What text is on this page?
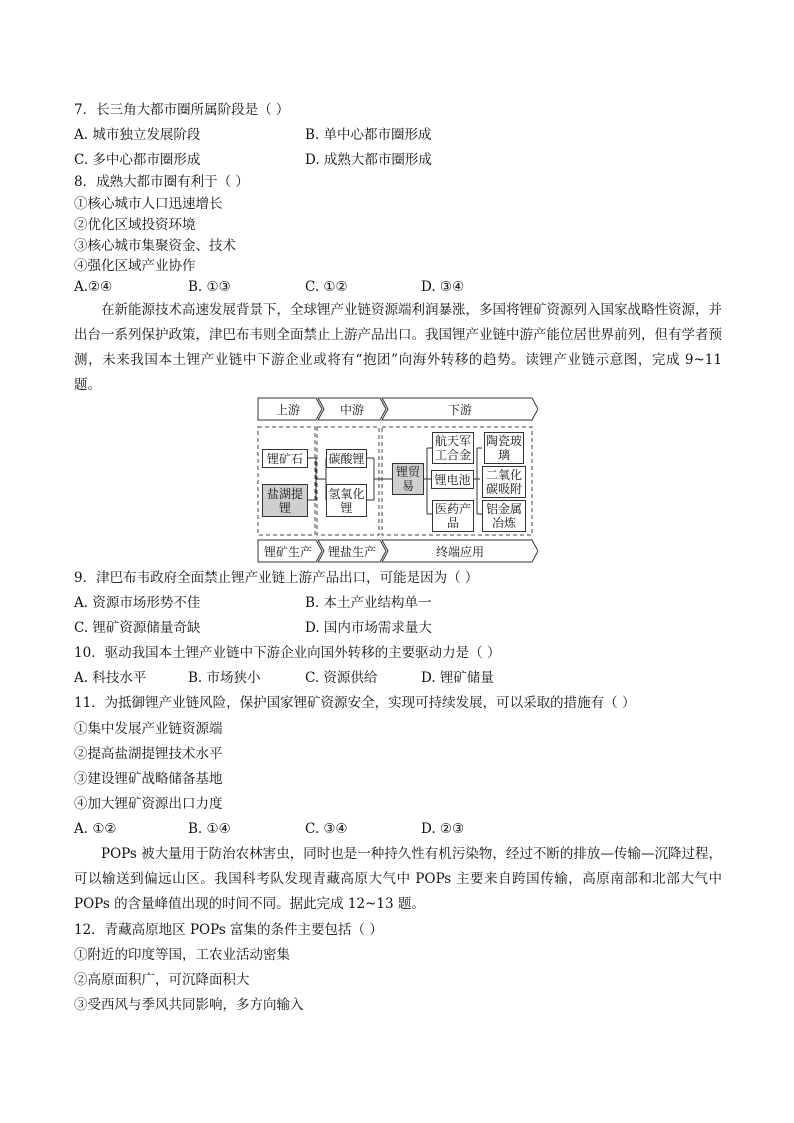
7．长三角大都市圈所属阶段是（ ）
A. 城市独立发展阶段	B. 单中心都市圈形成
C. 多中心都市圈形成	D. 成熟大都市圈形成
8．成熟大都市圈有利于（ ）
①核心城市人口迅速增长
②优化区域投资环境
③核心城市集聚资金、技术
④强化区域产业协作
A.②④	B. ①③	C. ①②	D. ③④
在新能源技术高速发展背景下，全球锂产业链资源端利润暴涨，多国将锂矿资源列入国家战略性资源，并出台一系列保护政策，津巴布韦则全面禁止上游产品出口。我国锂产业链中游产能位居世界前列，但有学者预测，未来我国本土锂产业链中下游企业或将有“抱团”向海外转移的趋势。读锂产业链示意图，完成 9~11 题。
上游	中游	下游
锂矿生产	锂盐生产	终端应用
锂矿石
盐湖提锂
碳酸锂
氢氧化锂
锂贸易	锂电池
航天军工合金
陶瓷玻璃
二氧化碳吸附
医药产品
铝金属冶炼
9．津巴布韦政府全面禁止锂产业链上游产品出口，可能是因为（ ）
A. 资源市场形势不佳	B. 本土产业结构单一
C. 锂矿资源储量奇缺	D. 国内市场需求量大
10．驱动我国本土锂产业链中下游企业向国外转移的主要驱动力是（ ）
A. 科技水平	B. 市场狭小	C. 资源供给	D. 锂矿储量
11．为抵御锂产业链风险，保护国家锂矿资源安全，实现可持续发展，可以采取的措施有（ ）
①集中发展产业链资源端
②提高盐湖提锂技术水平
③建设锂矿战略储备基地
④加大锂矿资源出口力度
A. ①②	B. ①④	C. ③④	D. ②③
POPs 被大量用于防治农林害虫，同时也是一种持久性有机污染物，经过不断的排放—传输—沉降过程，可以输送到偏远山区。我国科考队发现青藏高原大气中 POPs 主要来自跨国传输，高原南部和北部大气中 POPs 的含量峰值出现的时间不同。据此完成 12~13 题。
12．青藏高原地区 POPs 富集的条件主要包括（ ）
①附近的印度等国，工农业活动密集
②高原面积广，可沉降面积大
③受西风与季风共同影响，多方向输入
